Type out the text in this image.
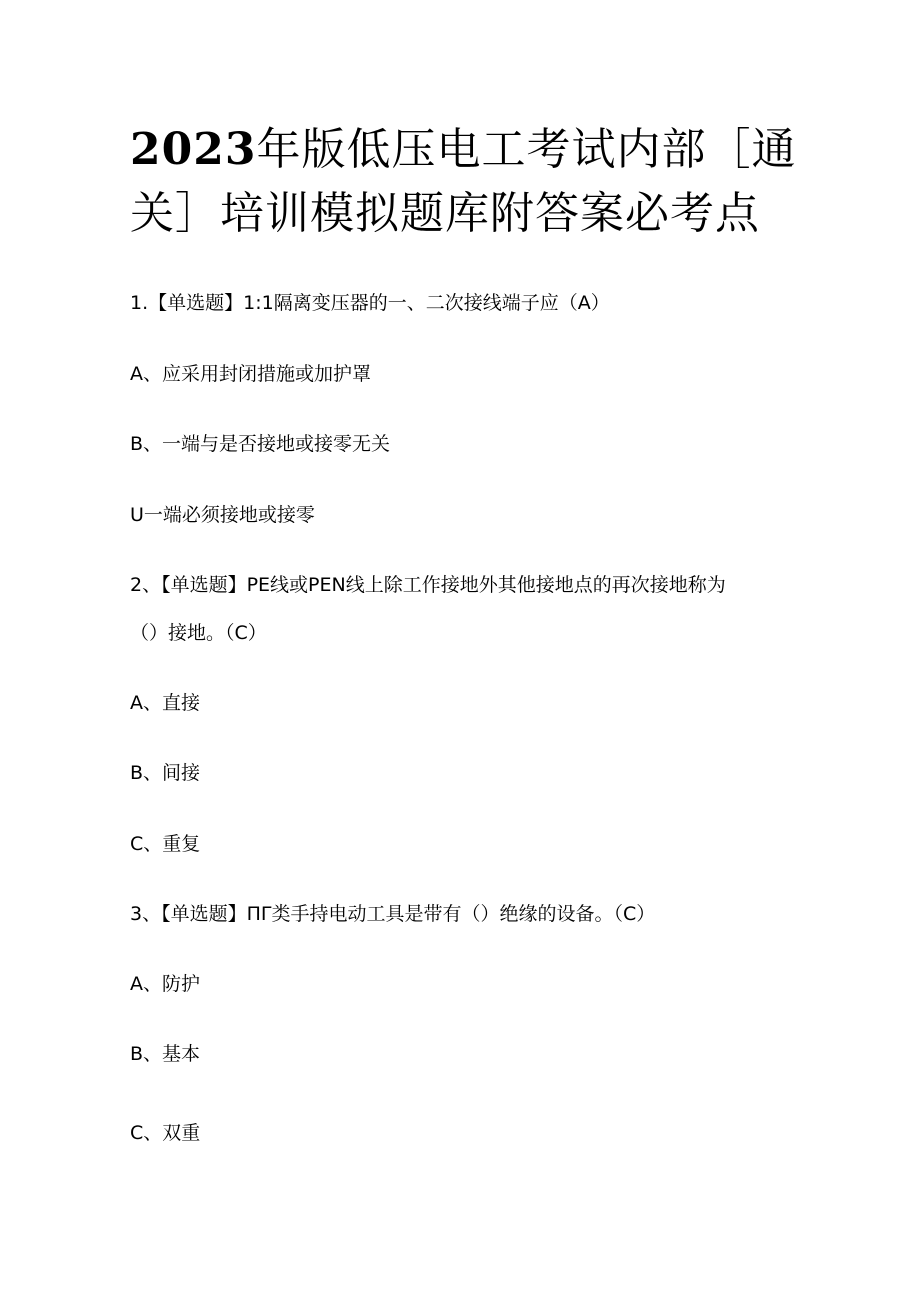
2023年版低压电工考试内部［通
关］培训模拟题库附答案必考点

1.【单选题】1:1隔离变压器的一、二次接线端子应（A）

A、应采用封闭措施或加护罩

B、一端与是否接地或接零无关

U一端必须接地或接零

2、【单选题】PE线或PEN线上除工作接地外其他接地点的再次接地称为

（）接地。（C）

A、直接

B、间接

C、重复

3、【单选题】ΠΓ类手持电动工具是带有（）绝缘的设备。（C）

A、防护

B、基本

C、双重
